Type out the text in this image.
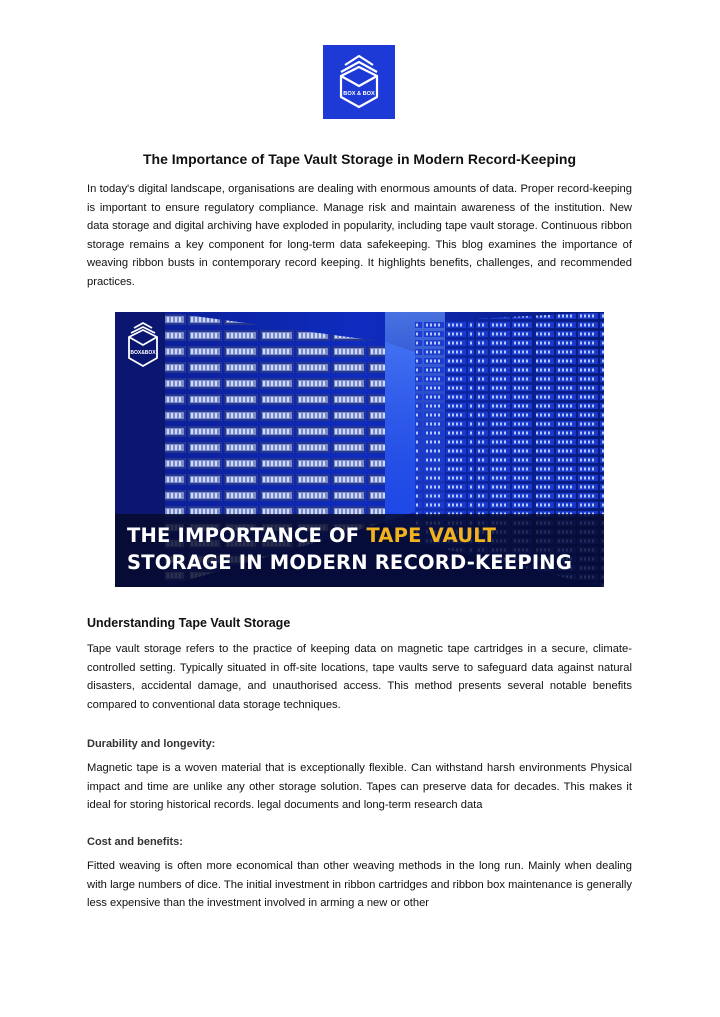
BOX & BOX
The Importance of Tape Vault Storage in Modern Record-Keeping

In today's digital landscape, organisations are dealing with enormous amounts of data. Proper record-keeping is important to ensure regulatory compliance. Manage risk and maintain awareness of the institution. New data storage and digital archiving have exploded in popularity, including tape vault storage. Continuous ribbon storage remains a key component for long-term data safekeeping. This blog examines the importance of weaving ribbon busts in contemporary record keeping. It highlights benefits, challenges, and recommended practices.

BOX&BOX
THE IMPORTANCE OF TAPE VAULT
STORAGE IN MODERN RECORD-KEEPING
Understanding Tape Vault Storage

Tape vault storage refers to the practice of keeping data on magnetic tape cartridges in a secure, climate-controlled setting. Typically situated in off-site locations, tape vaults serve to safeguard data against natural disasters, accidental damage, and unauthorised access. This method presents several notable benefits compared to conventional data storage techniques.

Durability and longevity:

Magnetic tape is a woven material that is exceptionally flexible. Can withstand harsh environments Physical impact and time are unlike any other storage solution. Tapes can preserve data for decades. This makes it ideal for storing historical records. legal documents and long-term research data

Cost and benefits:

Fitted weaving is often more economical than other weaving methods in the long run. Mainly when dealing with large numbers of dice. The initial investment in ribbon cartridges and ribbon box maintenance is generally less expensive than the investment involved in arming a new or other
